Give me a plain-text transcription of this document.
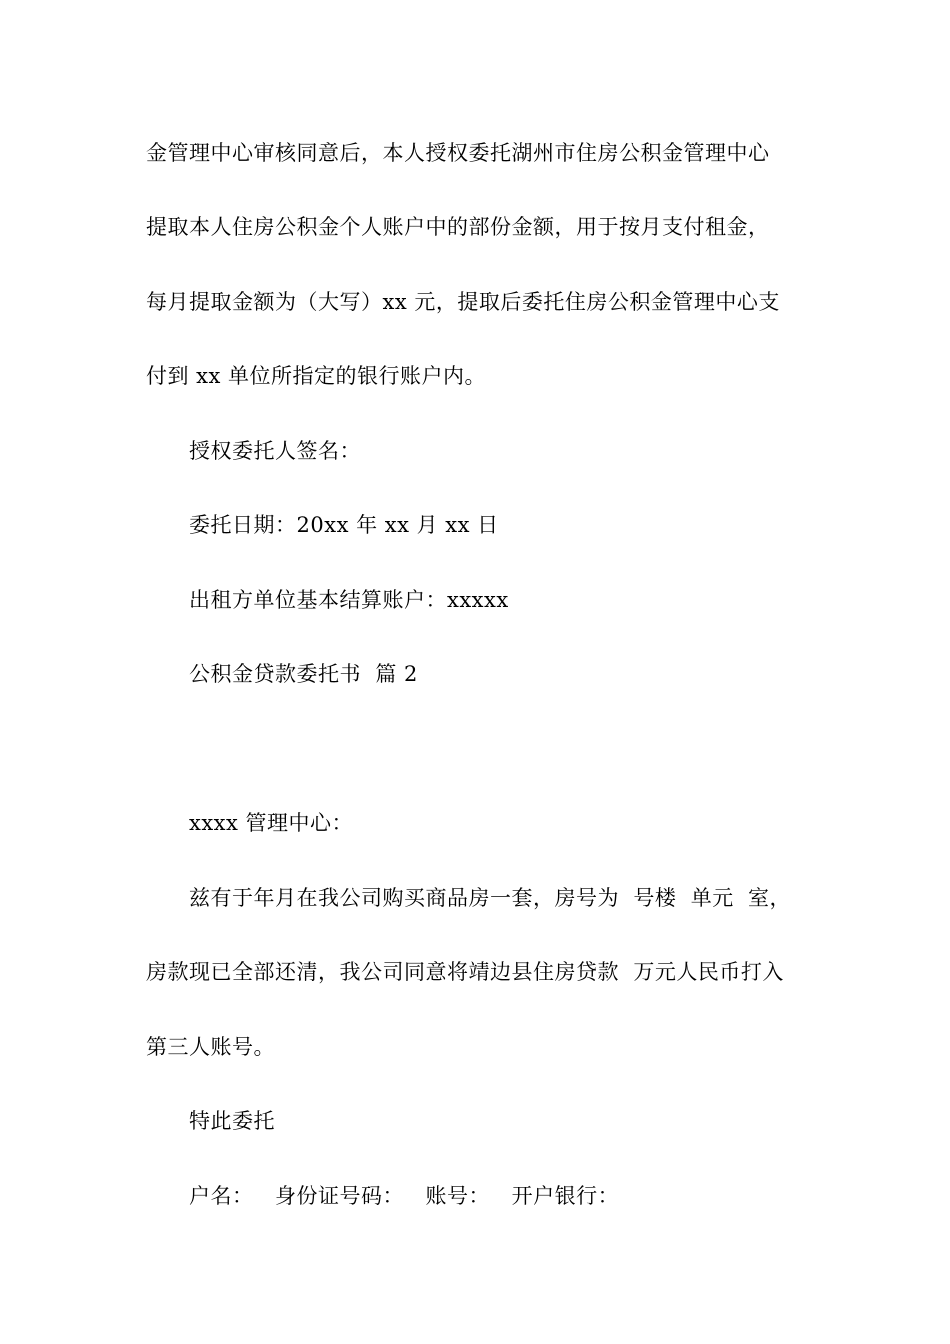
金管理中心审核同意后，本人授权委托湖州市住房公积金管理中心
提取本人住房公积金个人账户中的部份金额，用于按月支付租金，
每月提取金额为（大写）xx 元，提取后委托住房公积金管理中心支
付到 xx 单位所指定的银行账户内。
授权委托人签名：
委托日期：20xx 年 xx 月 xx 日
出租方单位基本结算账户：xxxxx
公积金贷款委托书  篇 2
xxxx 管理中心：
兹有于年月在我公司购买商品房一套，房号为  号楼  单元  室，
房款现已全部还清，我公司同意将靖边县住房贷款  万元人民币打入
第三人账号。
特此委托
户名：   身份证号码：   账号：   开户银行：
